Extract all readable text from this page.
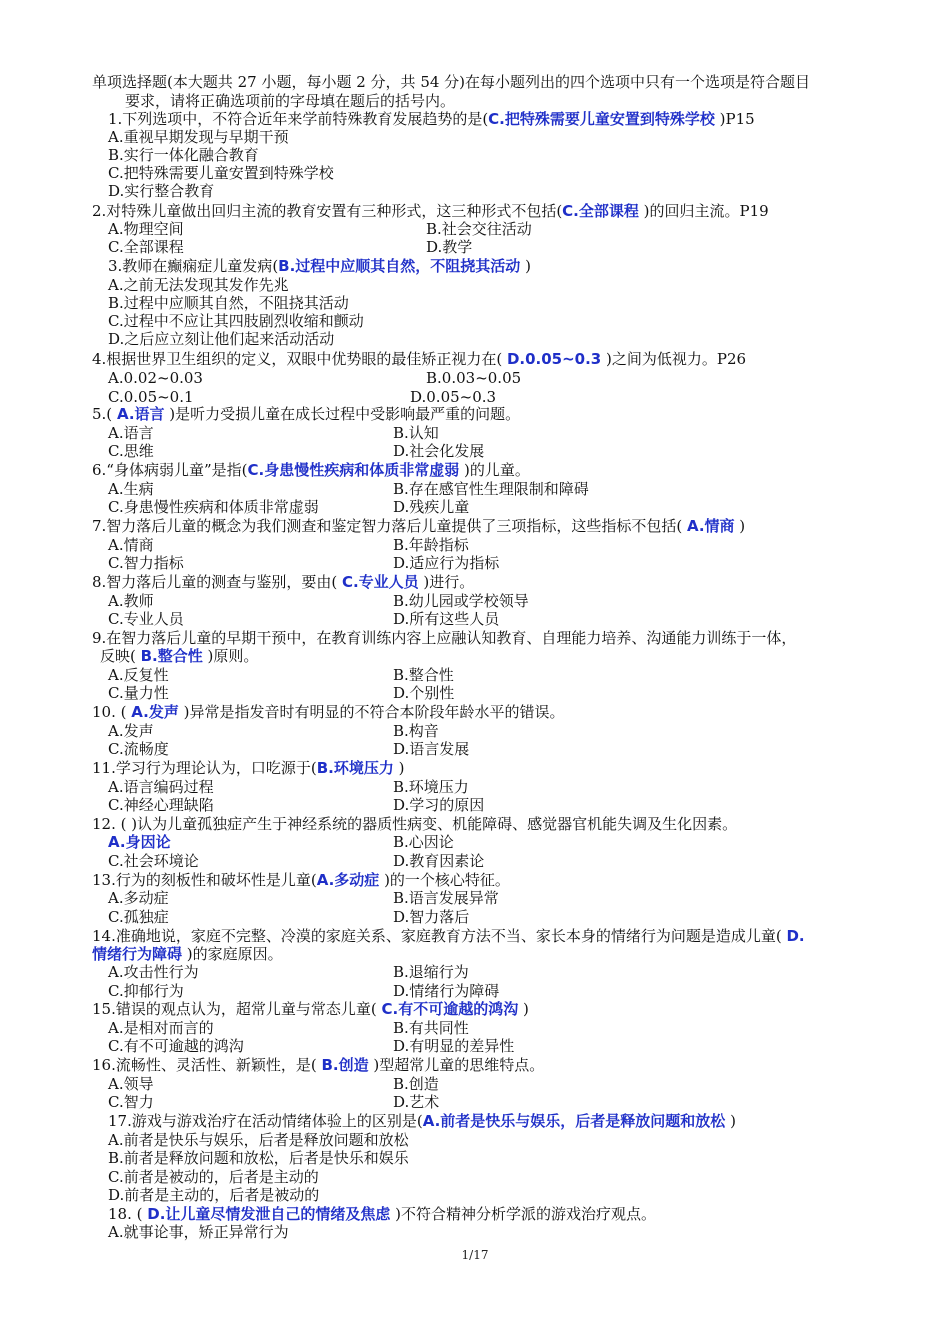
单项选择题(本大题共 27 小题，每小题 2 分，共 54 分)在每小题列出的四个选项中只有一个选项是符合题目
要求，请将正确选项前的字母填在题后的括号内。
1.下列选项中，不符合近年来学前特殊教育发展趋势的是(C.把特殊需要儿童安置到特殊学校 )P15
A.重视早期发现与早期干预
B.实行一体化融合教育
C.把特殊需要儿童安置到特殊学校
D.实行整合教育
2.对特殊儿童做出回归主流的教育安置有三种形式，这三种形式不包括(C.全部课程 )的回归主流。P19
A.物理空间	B.社会交往活动
C.全部课程	D.教学
3.教师在癫痫症儿童发病(B.过程中应顺其自然，不阻挠其活动 )
A.之前无法发现其发作先兆
B.过程中应顺其自然，不阻挠其活动
C.过程中不应让其四肢剧烈收缩和颤动
D.之后应立刻让他们起来活动活动
4.根据世界卫生组织的定义，双眼中优势眼的最佳矫正视力在( D.0.05~0.3 )之间为低视力。P26
A.0.02~0.03	B.0.03~0.05
C.0.05~0.1	D.0.05~0.3
5.( A.语言 )是听力受损儿童在成长过程中受影响最严重的问题。
A.语言	B.认知
C.思维	D.社会化发展
6.“身体病弱儿童”是指(C.身患慢性疾病和体质非常虚弱 )的儿童。
A.生病	B.存在感官性生理限制和障碍
C.身患慢性疾病和体质非常虚弱	D.残疾儿童
7.智力落后儿童的概念为我们测查和鉴定智力落后儿童提供了三项指标，这些指标不包括( A.情商 )
A.情商	B.年龄指标
C.智力指标	D.适应行为指标
8.智力落后儿童的测查与鉴别，要由( C.专业人员 )进行。
A.教师	B.幼儿园或学校领导
C.专业人员	D.所有这些人员
9.在智力落后儿童的早期干预中，在教育训练内容上应融认知教育、自理能力培养、沟通能力训练于一体，
反映( B.整合性 )原则。
A.反复性	B.整合性
C.量力性	D.个别性
10. ( A.发声 )异常是指发音时有明显的不符合本阶段年龄水平的错误。
A.发声	B.构音
C.流畅度	D.语言发展
11.学习行为理论认为，口吃源于(B.环境压力 )
A.语言编码过程	B.环境压力
C.神经心理缺陷	D.学习的原因
12. ( )认为儿童孤独症产生于神经系统的器质性病变、机能障碍、感觉器官机能失调及生化因素。
A.身因论	B.心因论
C.社会环境论	D.教育因素论
13.行为的刻板性和破坏性是儿童(A.多动症 )的一个核心特征。
A.多动症	B.语言发展异常
C.孤独症	D.智力落后
14.准确地说，家庭不完整、冷漠的家庭关系、家庭教育方法不当、家长本身的情绪行为问题是造成儿童( D.
情绪行为障碍 )的家庭原因。
A.攻击性行为	B.退缩行为
C.抑郁行为	D.情绪行为障碍
15.错误的观点认为，超常儿童与常态儿童( C.有不可逾越的鸿沟 )
A.是相对而言的	B.有共同性
C.有不可逾越的鸿沟	D.有明显的差异性
16.流畅性、灵活性、新颖性，是( B.创造 )型超常儿童的思维特点。
A.领导	B.创造
C.智力	D.艺术
17.游戏与游戏治疗在活动情绪体验上的区别是(A.前者是快乐与娱乐，后者是释放问题和放松 )
A.前者是快乐与娱乐，后者是释放问题和放松
B.前者是释放问题和放松，后者是快乐和娱乐
C.前者是被动的，后者是主动的
D.前者是主动的，后者是被动的
18. ( D.让儿童尽情发泄自己的情绪及焦虑 )不符合精神分析学派的游戏治疗观点。
A.就事论事，矫正异常行为
1/17
